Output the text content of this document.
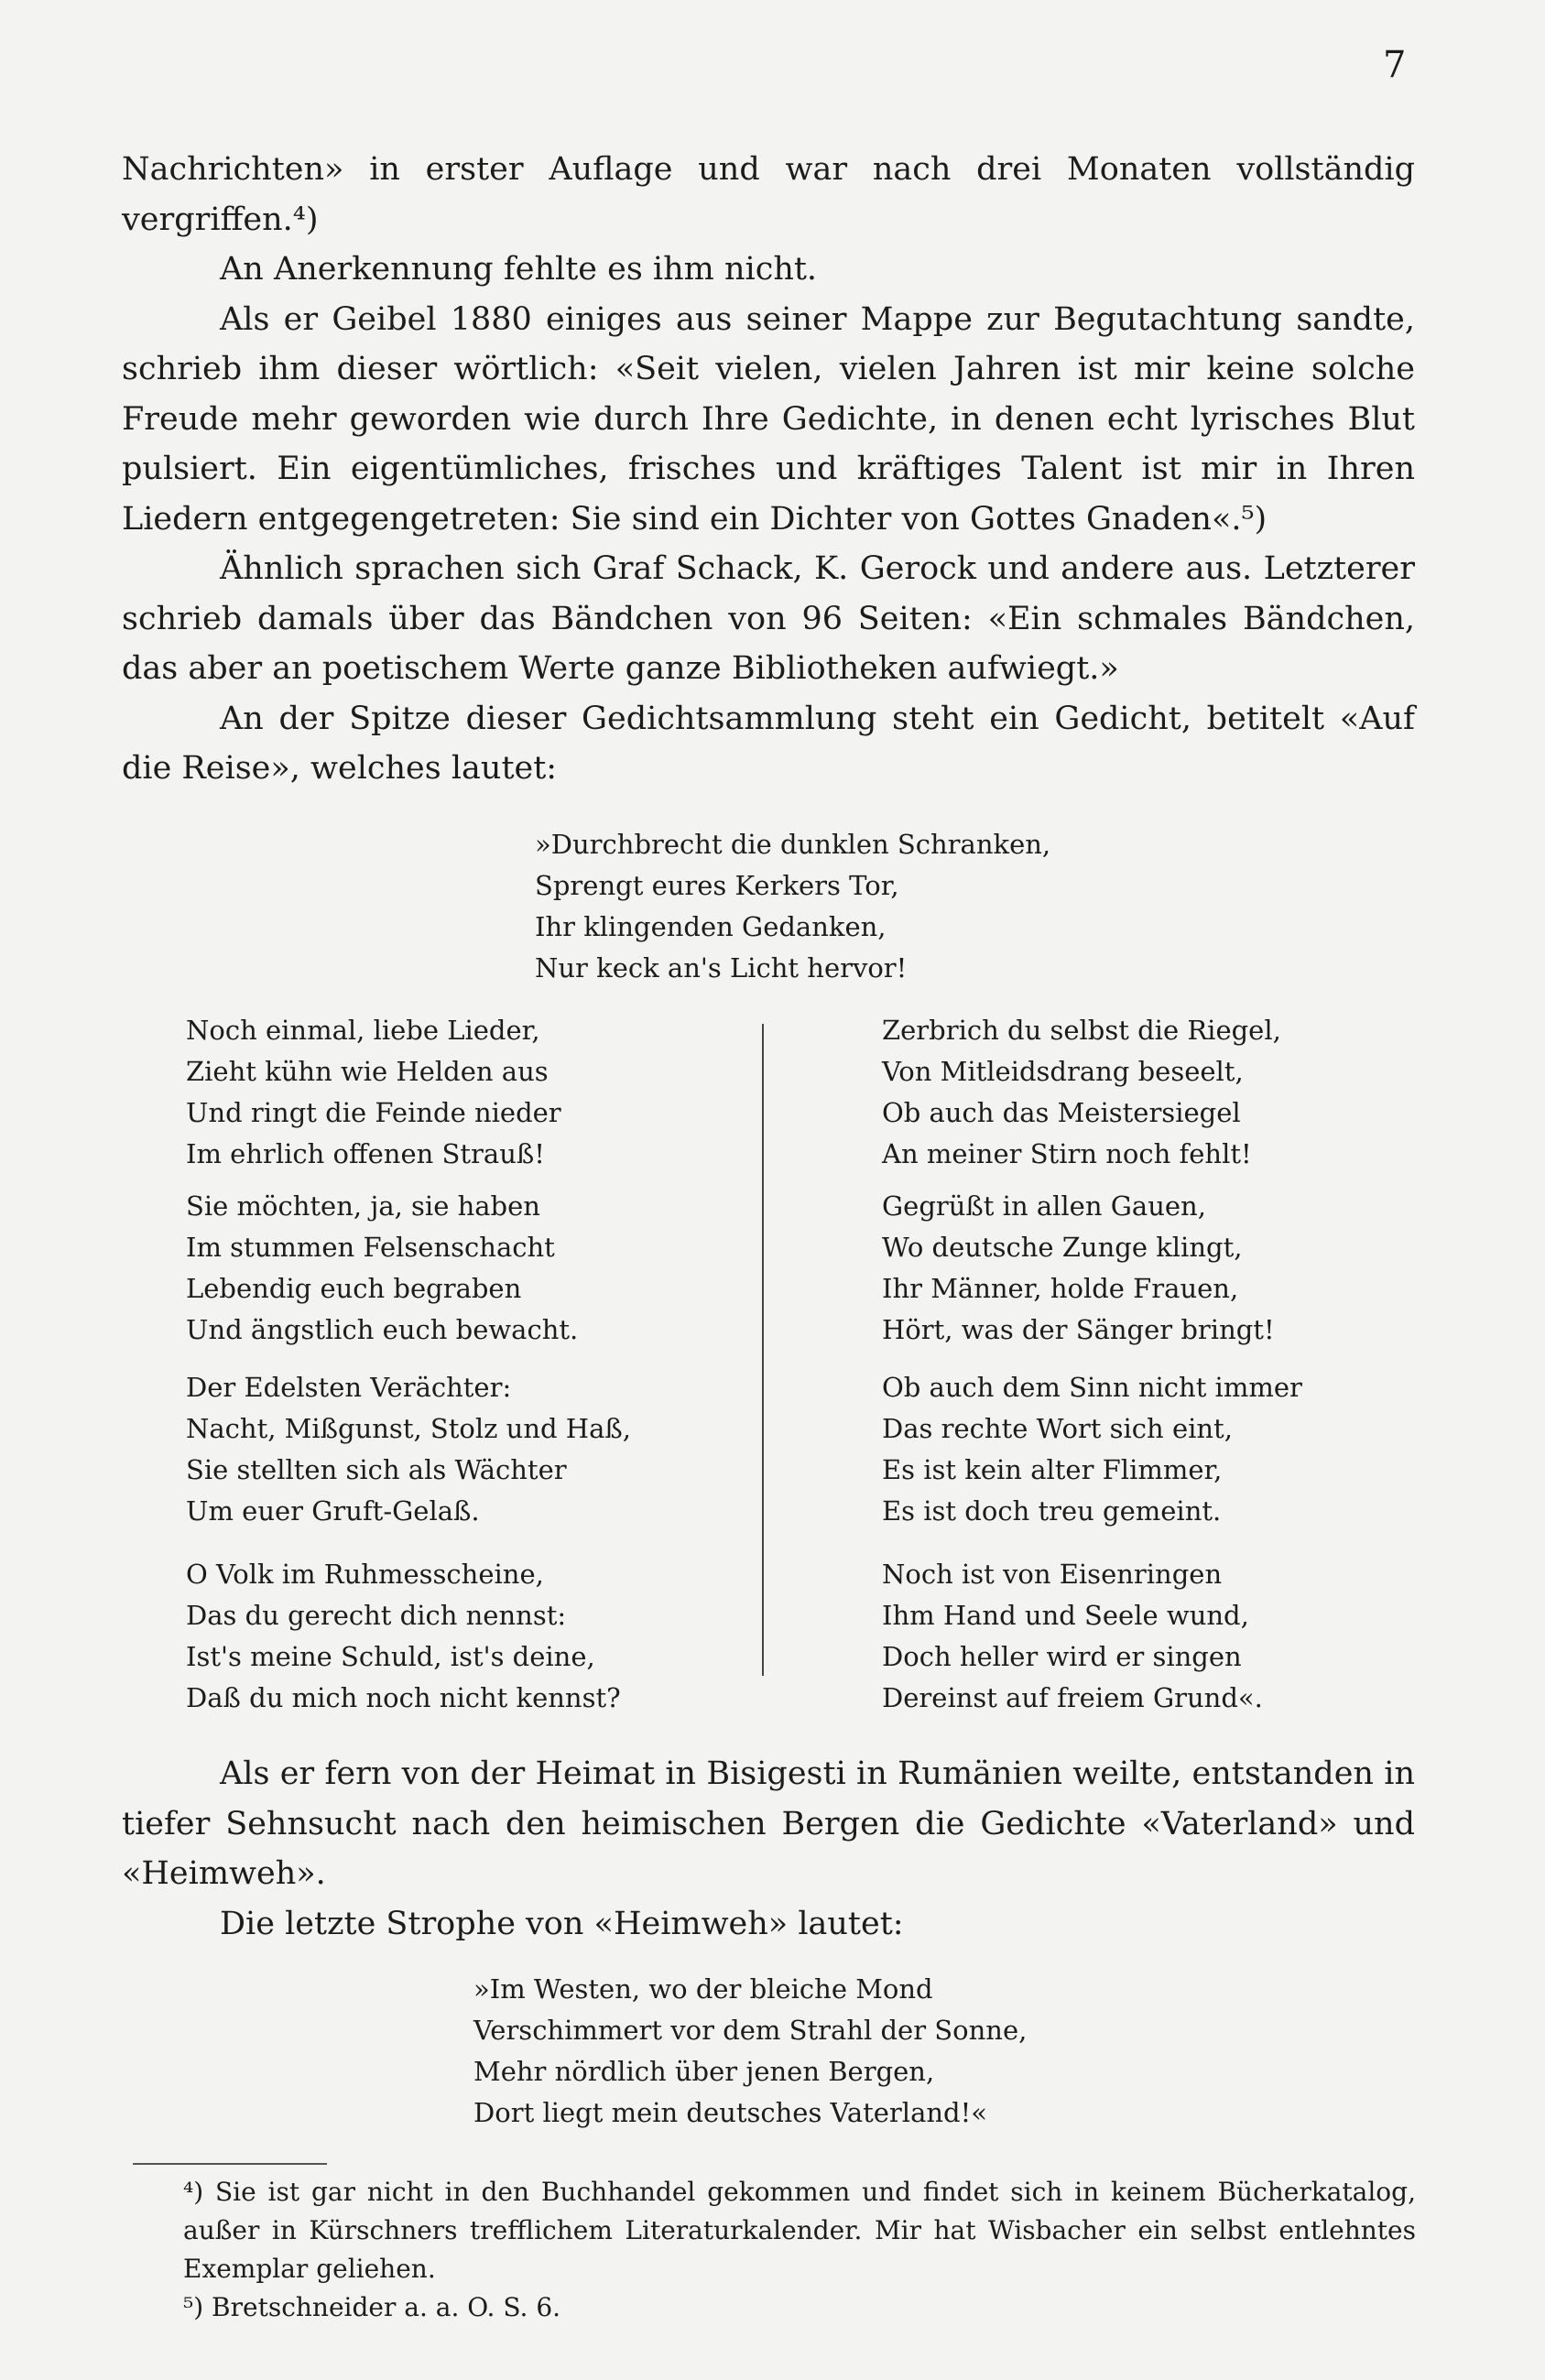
7

Nachrichten» in erster Auflage und war nach drei Monaten vollständig vergriffen.⁴)

An Anerkennung fehlte es ihm nicht.

Als er Geibel 1880 einiges aus seiner Mappe zur Begutachtung sandte, schrieb ihm dieser wörtlich: «Seit vielen, vielen Jahren ist mir keine solche Freude mehr geworden wie durch Ihre Gedichte, in denen echt lyrisches Blut pulsiert. Ein eigentümliches, frisches und kräftiges Talent ist mir in Ihren Liedern entgegengetreten: Sie sind ein Dichter von Gottes Gnaden«.⁵)

Ähnlich sprachen sich Graf Schack, K. Gerock und andere aus. Letzterer schrieb damals über das Bändchen von 96 Seiten: «Ein schmales Bändchen, das aber an poetischem Werte ganze Bibliotheken aufwiegt.»

An der Spitze dieser Gedichtsammlung steht ein Gedicht, betitelt «Auf die Reise», welches lautet:

»Durchbrecht die dunklen Schranken,
Sprengt eures Kerkers Tor,
Ihr klingenden Gedanken,
Nur keck an's Licht hervor!
Noch einmal, liebe Lieder,
Zieht kühn wie Helden aus
Und ringt die Feinde nieder
Im ehrlich offenen Strauß!
Sie möchten, ja, sie haben
Im stummen Felsenschacht
Lebendig euch begraben
Und ängstlich euch bewacht.
Der Edelsten Verächter:
Nacht, Mißgunst, Stolz und Haß,
Sie stellten sich als Wächter
Um euer Gruft-Gelaß.
O Volk im Ruhmesscheine,
Das du gerecht dich nennst:
Ist's meine Schuld, ist's deine,
Daß du mich noch nicht kennst?
Zerbrich du selbst die Riegel,
Von Mitleidsdrang beseelt,
Ob auch das Meistersiegel
An meiner Stirn noch fehlt!
Gegrüßt in allen Gauen,
Wo deutsche Zunge klingt,
Ihr Männer, holde Frauen,
Hört, was der Sänger bringt!
Ob auch dem Sinn nicht immer
Das rechte Wort sich eint,
Es ist kein alter Flimmer,
Es ist doch treu gemeint.
Noch ist von Eisenringen
Ihm Hand und Seele wund,
Doch heller wird er singen
Dereinst auf freiem Grund«.

Als er fern von der Heimat in Bisigesti in Rumänien weilte, entstanden in tiefer Sehnsucht nach den heimischen Bergen die Gedichte «Vaterland» und «Heimweh».

Die letzte Strophe von «Heimweh» lautet:

»Im Westen, wo der bleiche Mond
Verschimmert vor dem Strahl der Sonne,
Mehr nördlich über jenen Bergen,
Dort liegt mein deutsches Vaterland!«

⁴) Sie ist gar nicht in den Buchhandel gekommen und findet sich in keinem Bücherkatalog, außer in Kürschners trefflichem Literaturkalender. Mir hat Wisbacher ein selbst entlehntes Exemplar geliehen.

⁵) Bretschneider a. a. O. S. 6.
